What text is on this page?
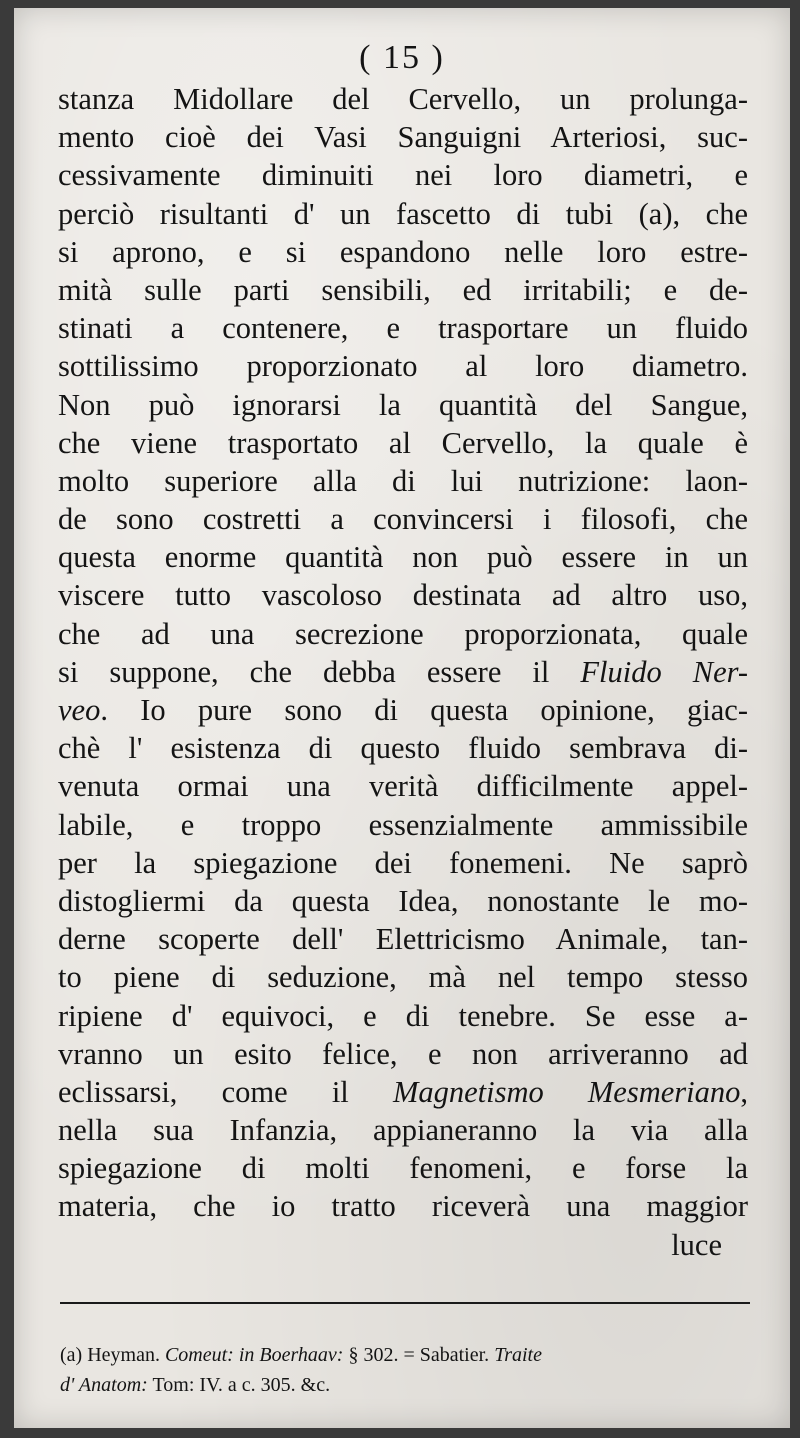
( 15 )
stanza Midollare del Cervello, un prolunga-
mento cioè dei Vasi Sanguigni Arteriosi, suc-
cessivamente diminuiti nei loro diametri, e
perciò risultanti d' un fascetto di tubi (a), che
si aprono, e si espandono nelle loro estre-
mità sulle parti sensibili, ed irritabili; e de-
stinati a contenere, e trasportare un fluido
sottilissimo proporzionato al loro diametro.
Non può ignorarsi la quantità del Sangue,
che viene trasportato al Cervello, la quale è
molto superiore alla di lui nutrizione: laon-
de sono costretti a convincersi i filosofi, che
questa enorme quantità non può essere in un
viscere tutto vascoloso destinata ad altro uso,
che ad una secrezione proporzionata, quale
si suppone, che debba essere il Fluido Ner-
veo. Io pure sono di questa opinione, giac-
chè l' esistenza di questo fluido sembrava di-
venuta ormai una verità difficilmente appel-
labile, e troppo essenzialmente ammissibile
per la spiegazione dei fonemeni. Ne saprò
distogliermi da questa Idea, nonostante le mo-
derne scoperte dell' Elettricismo Animale, tan-
to piene di seduzione, mà nel tempo stesso
ripiene d' equivoci, e di tenebre. Se esse a-
vranno un esito felice, e non arriveranno ad
eclissarsi, come il Magnetismo Mesmeriano,
nella sua Infanzia, appianeranno la via alla
spiegazione di molti fenomeni, e forse la
materia, che io tratto riceverà una maggior
luce
(a) Heyman. Comeut: in Boerhaav: § 302. = Sabatier. Traite
d' Anatom: Tom: IV. a c. 305. &c.
